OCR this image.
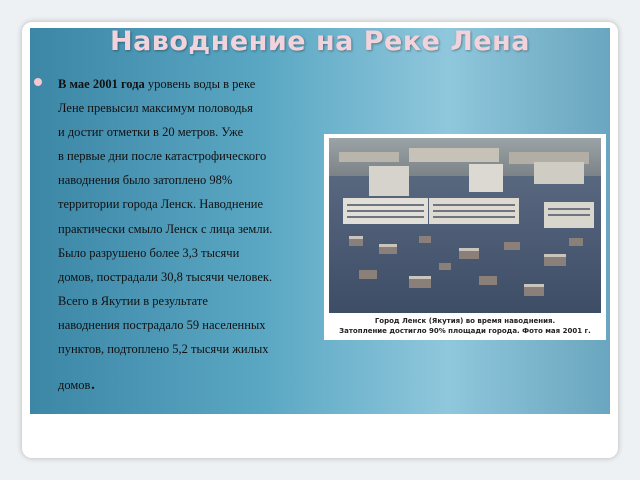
Наводнение на Реке Лена
В мае 2001 года уровень воды в реке
Лене превысил максимум половодья
и достиг отметки в 20 метров. Уже
в первые дни после катастрофического
наводнения было затоплено 98%
территории города Ленск. Наводнение
практически смыло Ленск с лица земли.
Было разрушено более 3,3 тысячи
домов, пострадали 30,8 тысячи человек.
Всего в Якутии в результате
наводнения пострадало 59 населенных
пунктов, подтоплено 5,2 тысячи жилых
домов.
Город Ленск (Якутия) во время наводнения.
Затопление достигло 90% площади города. Фото мая 2001 г.
